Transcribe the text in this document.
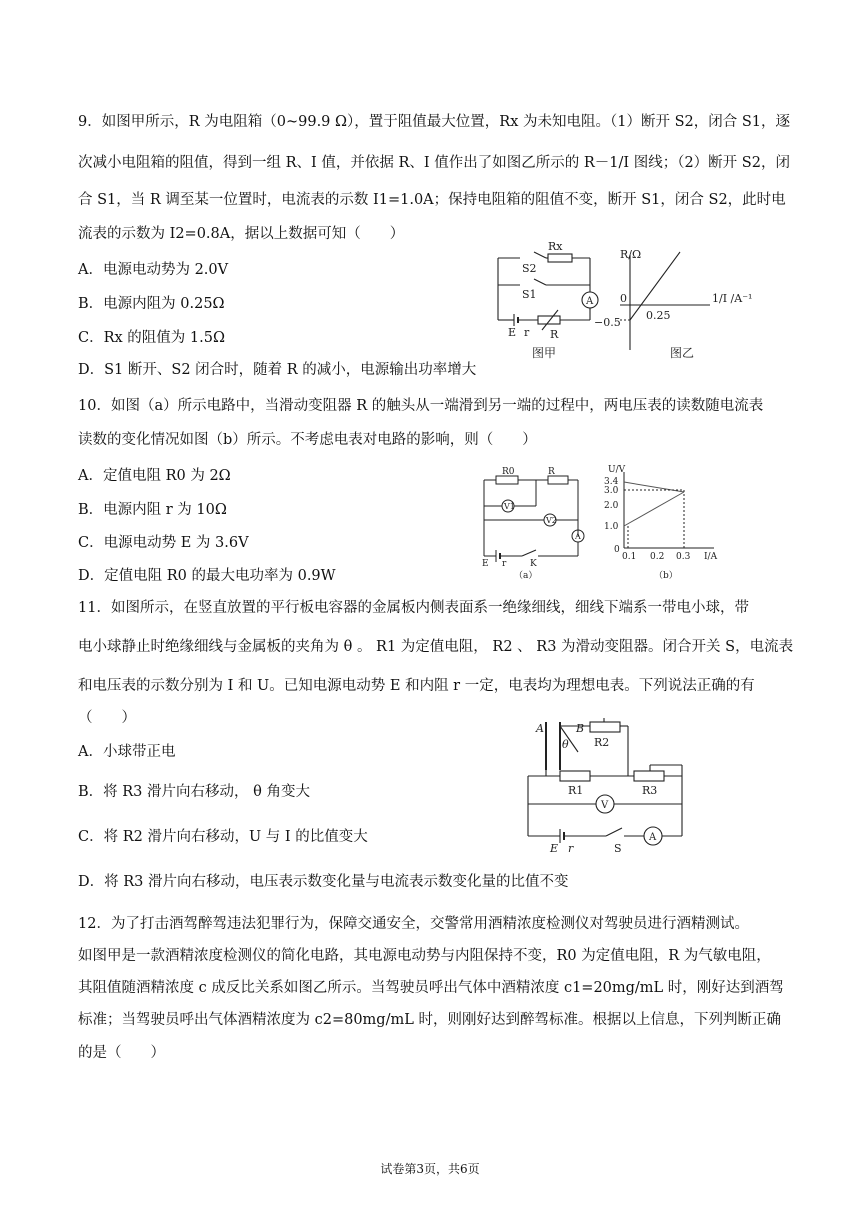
9．如图甲所示，R 为电阻箱（0~99.9 Ω），置于阻值最大位置，Rx 为未知电阻。（1）断开 S2，闭合 S1，逐
次减小电阻箱的阻值，得到一组 R、I 值，并依据 R、I 值作出了如图乙所示的 R－1/I 图线；（2）断开 S2，闭
合 S1，当 R 调至某一位置时，电流表的示数 I1=1.0A；保持电阻箱的阻值不变，断开 S1，闭合 S2，此时电
流表的示数为 I2=0.8A，据以上数据可知（　　）
A．电源电动势为 2.0V
B．电源内阻为 0.25Ω
C．Rx 的阻值为 1.5Ω
D．S1 断开、S2 闭合时，随着 R 的减小，电源输出功率增大
Rx
S2
S1
A
E r R
图甲
R/Ω
1/I /A⁻¹
0
0.25
−0.5
图乙
10．如图（a）所示电路中，当滑动变阻器 R 的触头从一端滑到另一端的过程中，两电压表的读数随电流表
读数的变化情况如图（b）所示。不考虑电表对电路的影响，则（　　）
A．定值电阻 R0 为 2Ω
B．电源内阻 r 为 10Ω
C．电源电动势 E 为 3.6V
D．定值电阻 R0 的最大电功率为 0.9W
R0	R
V1
V2
A
E r	K
（a）
U/V
I/A
3.4
3.0
2.0
1.0
0
0.1 0.2 0.3
（b）
11．如图所示，在竖直放置的平行板电容器的金属板内侧表面系一绝缘细线，细线下端系一带电小球，带
电小球静止时绝缘细线与金属板的夹角为 θ 。 R1 为定值电阻， R2 、 R3 为滑动变阻器。闭合开关 S，电流表
和电压表的示数分别为 I 和 U。已知电源电动势 E 和内阻 r 一定，电表均为理想电表。下列说法正确的有
（　　）
A．小球带正电
B．将 R3 滑片向右移动， θ 角变大
C．将 R2 滑片向右移动，U 与 I 的比值变大
D．将 R3 滑片向右移动，电压表示数变化量与电流表示数变化量的比值不变
A	B
θ R2
R1	R3
V
A
E r	S
12．为了打击酒驾醉驾违法犯罪行为，保障交通安全，交警常用酒精浓度检测仪对驾驶员进行酒精测试。
如图甲是一款酒精浓度检测仪的简化电路，其电源电动势与内阻保持不变，R0 为定值电阻，R 为气敏电阻，
其阻值随酒精浓度 c 成反比关系如图乙所示。当驾驶员呼出气体中酒精浓度 c1=20mg/mL 时，刚好达到酒驾
标准；当驾驶员呼出气体酒精浓度为 c2=80mg/mL 时，则刚好达到醉驾标准。根据以上信息，下列判断正确
的是（　　）
试卷第3页，共6页
